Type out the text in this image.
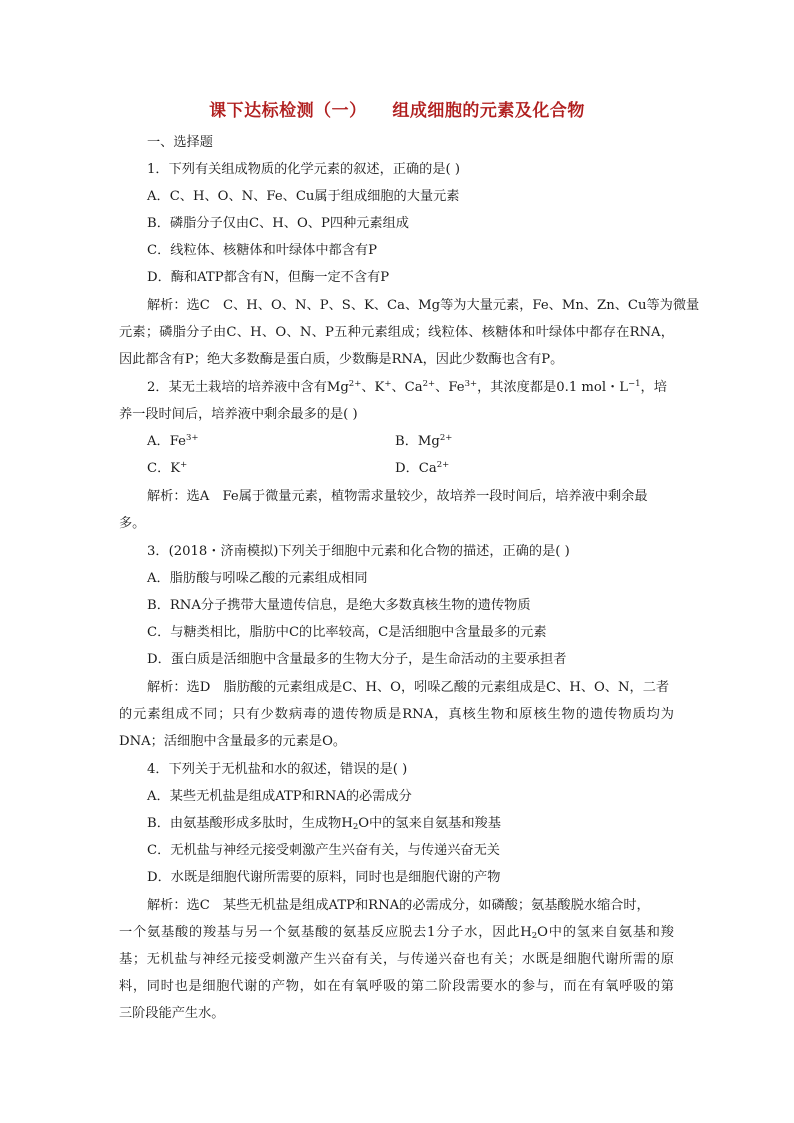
课下达标检测（一）    组成细胞的元素及化合物
一、选择题
1．下列有关组成物质的化学元素的叙述，正确的是( )
A．C、H、O、N、Fe、Cu属于组成细胞的大量元素
B．磷脂分子仅由C、H、O、P四种元素组成
C．线粒体、核糖体和叶绿体中都含有P
D．酶和ATP都含有N，但酶一定不含有P
解析：选C　C、H、O、N、P、S、K、Ca、Mg等为大量元素，Fe、Mn、Zn、Cu等为微量
元素；磷脂分子由C、H、O、N、P五种元素组成；线粒体、核糖体和叶绿体中都存在RNA，
因此都含有P；绝大多数酶是蛋白质，少数酶是RNA，因此少数酶也含有P。
2．某无土栽培的培养液中含有$Mg^{2+}$、K+、$Ca^{2+}$、$Fe^{3+}$，其浓度都是0.1 mol・$L^{-1}$，培
养一段时间后，培养液中剩余最多的是( )
A．$Fe^{3+}$	B．$Mg^{2+}$
C．K+	D．$Ca^{2+}$
解析：选A　Fe属于微量元素，植物需求量较少，故培养一段时间后，培养液中剩余最
多。
3．(2018・济南模拟)下列关于细胞中元素和化合物的描述，正确的是( )
A．脂肪酸与吲哚乙酸的元素组成相同
B．RNA分子携带大量遗传信息，是绝大多数真核生物的遗传物质
C．与糖类相比，脂肪中C的比率较高，C是活细胞中含量最多的元素
D．蛋白质是活细胞中含量最多的生物大分子，是生命活动的主要承担者
解析：选D　脂肪酸的元素组成是C、H、O，吲哚乙酸的元素组成是C、H、O、N，二者
的元素组成不同；只有少数病毒的遗传物质是RNA，真核生物和原核生物的遗传物质均为
DNA；活细胞中含量最多的元素是O。
4．下列关于无机盐和水的叙述，错误的是( )
A．某些无机盐是组成ATP和RNA的必需成分
B．由氨基酸形成多肽时，生成物$H_2O$中的氢来自氨基和羧基
C．无机盐与神经元接受刺激产生兴奋有关，与传递兴奋无关
D．水既是细胞代谢所需要的原料，同时也是细胞代谢的产物
解析：选C　某些无机盐是组成ATP和RNA的必需成分，如磷酸；氨基酸脱水缩合时，
一个氨基酸的羧基与另一个氨基酸的氨基反应脱去1分子水，因此$H_2O$中的氢来自氨基和羧
基；无机盐与神经元接受刺激产生兴奋有关，与传递兴奋也有关；水既是细胞代谢所需的原
料，同时也是细胞代谢的产物，如在有氧呼吸的第二阶段需要水的参与，而在有氧呼吸的第
三阶段能产生水。
